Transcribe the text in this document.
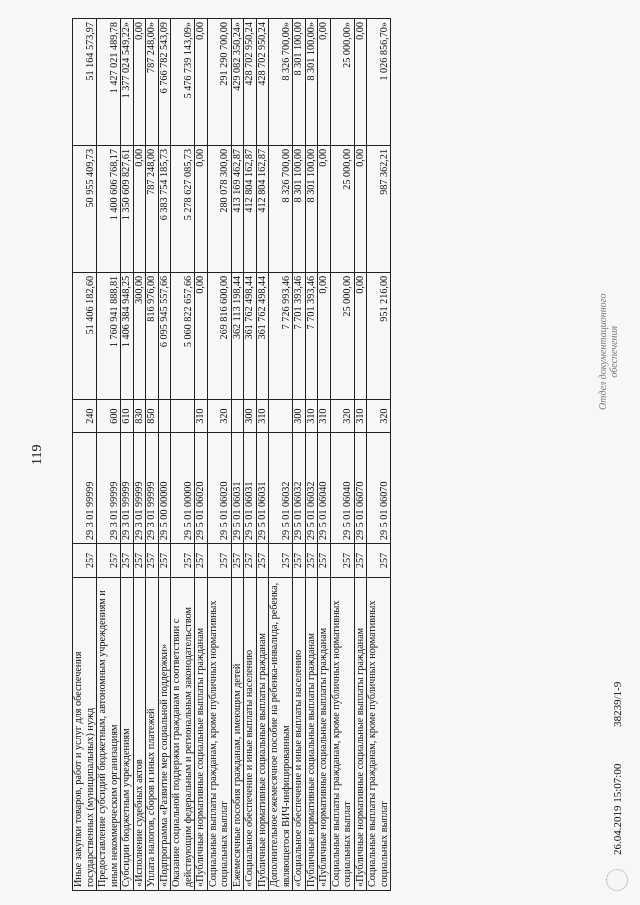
119
Иные закупки товаров, работ и услуг для обеспечения государственных (муниципальных) нужд	257	29 3 01 99999	240	51 406 182,60	50 955 409,73	51 164 573,97
Предоставление субсидий бюджетным, автономным учреждениям и иным некоммерческим организациям	257	29 3 01 99999	600	1 760 941 888,81	1 400 606 768,17	1 427 021 489,78
Субсидии бюджетным учреждениям	257	29 3 01 99999	610	1 406 384 948,25	1 350 609 827,61	1 377 024 549,22»
«Исполнение судебных актов	257	29 3 01 99999	830	300,00	0,00	0,00
Уплата налогов, сборов и иных платежей	257	29 3 01 99999	850	816 976,00	787 248,00	787 248,00»
«Подпрограмма «Развитие мер социальной поддержки»	257	29 5 00 00000		6 095 945 557,66	6 383 754 185,73	6 766 782 543,09
Оказание социальной поддержки гражданам в соответствии с действующим федеральным и региональным законодательством	257	29 5 01 00000		5 060 822 657,66	5 278 627 085,73	5 476 739 143,09»
«Публичные нормативные социальные выплаты гражданам	257	29 5 01 06020	310	0,00	0,00	0,00
Социальные выплаты гражданам, кроме публичных нормативных социальных выплат	257	29 5 01 06020	320	269 816 600,00	280 078 300,00	291 290 700,00
Ежемесячные пособия гражданам, имеющим детей	257	29 5 01 06031		362 113 198,44	413 169 462,87	429 082 350,24»
«Социальное обеспечение и иные выплаты населению	257	29 5 01 06031	300	361 762 498,44	412 804 162,87	428 702 950,24
Публичные нормативные социальные выплаты гражданам	257	29 5 01 06031	310	361 762 498,44	412 804 162,87	428 702 950,24
Дополнительное ежемесячное пособие на ребенка-инвалида, ребенка, являющегося ВИЧ-инфицированным	257	29 5 01 06032		7 726 993,46	8 326 700,00	8 326 700,00»
«Социальное обеспечение и иные выплаты населению	257	29 5 01 06032	300	7 701 393,46	8 301 100,00	8 301 100,00
Публичные нормативные социальные выплаты гражданам	257	29 5 01 06032	310	7 701 393,46	8 301 100,00	8 301 100,00»
«Публичные нормативные социальные выплаты гражданам	257	29 5 01 06040	310	0,00	0,00	0,00
Социальные выплаты гражданам, кроме публичных нормативных социальных выплат	257	29 5 01 06040	320	25 000,00	25 000,00	25 000,00»
«Публичные нормативные социальные выплаты гражданам	257	29 5 01 06070	310	0,00	0,00	0,00
Социальные выплаты гражданам, кроме публичных нормативных социальных выплат	257	29 5 01 06070	320	951 216,00	987 362,21	1 026 856,70»
26.04.2019 15:07:00 38239/1-9
Отдел документационного обеспечения
